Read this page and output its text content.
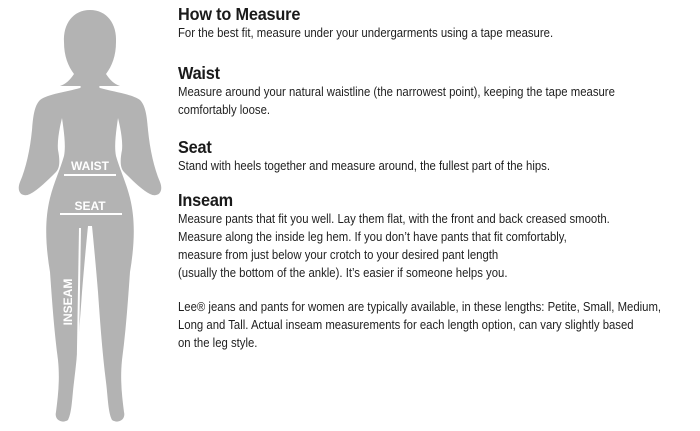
WAIST
SEAT
INSEAM
How to Measure
For the best fit, measure under your undergarments using a tape measure.
Waist
Measure around your natural waistline (the narrowest point), keeping the tape measure
comfortably loose.
Seat
Stand with heels together and measure around, the fullest part of the hips.
Inseam
Measure pants that fit you well. Lay them flat, with the front and back creased smooth.
Measure along the inside leg hem. If you don’t have pants that fit comfortably,
measure from just below your crotch to your desired pant length
(usually the bottom of the ankle). It’s easier if someone helps you.
Lee® jeans and pants for women are typically available, in these lengths: Petite, Small, Medium,
Long and Tall. Actual inseam measurements for each length option, can vary slightly based
on the leg style.
